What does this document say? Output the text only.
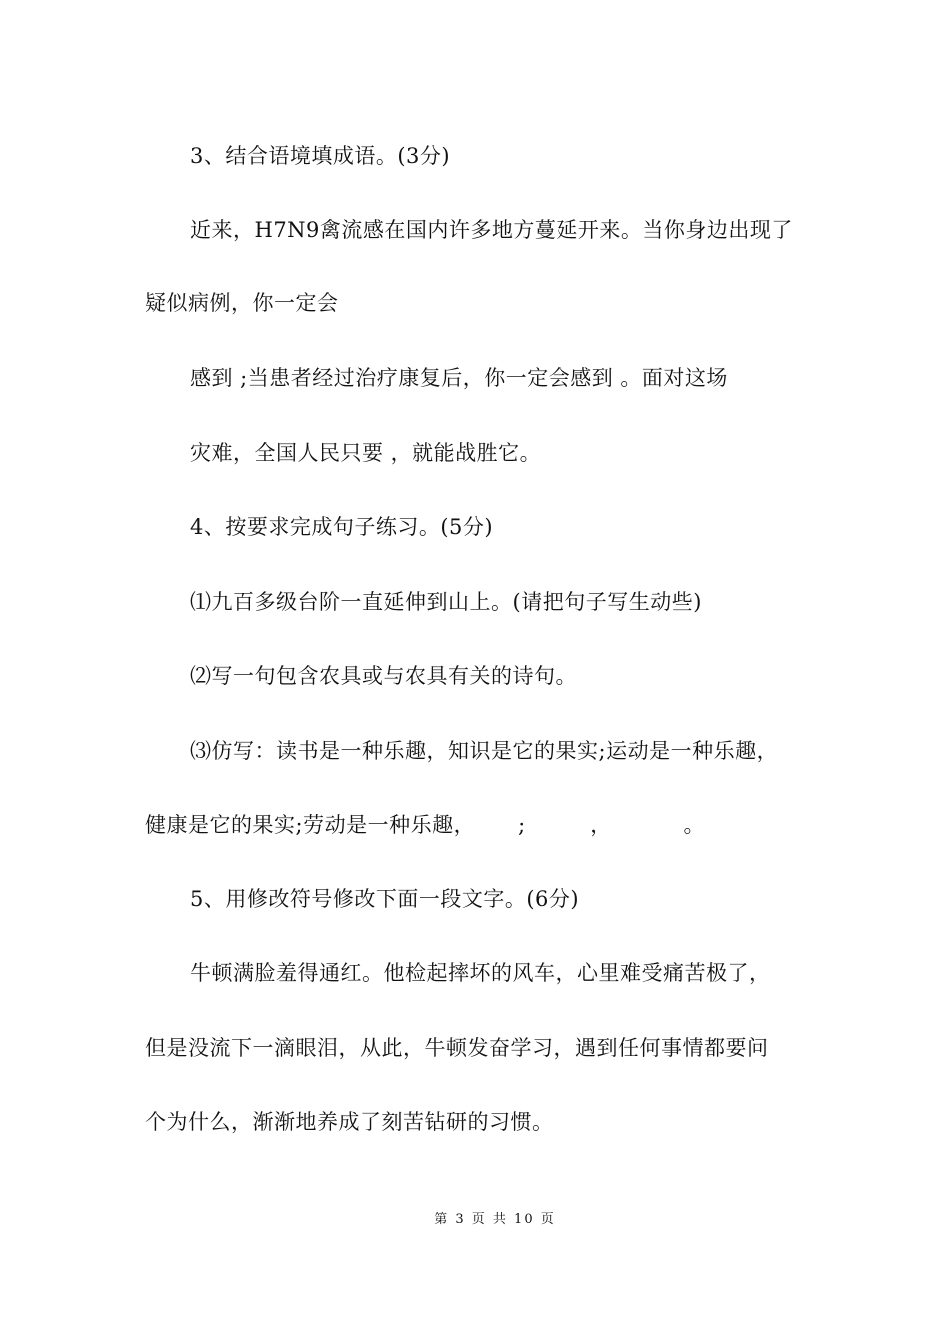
3、结合语境填成语。(3分)
近来，H7N9禽流感在国内许多地方蔓延开来。当你身边出现了
疑似病例，你一定会
感到 ;当患者经过治疗康复后，你一定会感到 。面对这场
灾难，全国人民只要 ，就能战胜它。
4、按要求完成句子练习。(5分)
⑴九百多级台阶一直延伸到山上。(请把句子写生动些)
⑵写一句包含农具或与农具有关的诗句。
⑶仿写：读书是一种乐趣，知识是它的果实;运动是一种乐趣，
健康是它的果实;劳动是一种乐趣，      ;         ，          。
5、用修改符号修改下面一段文字。(6分)
牛顿满脸羞得通红。他检起摔坏的风车，心里难受痛苦极了，
但是没流下一滴眼泪，从此，牛顿发奋学习，遇到任何事情都要问
个为什么，渐渐地养成了刻苦钻研的习惯。
第 3 页 共 10 页
